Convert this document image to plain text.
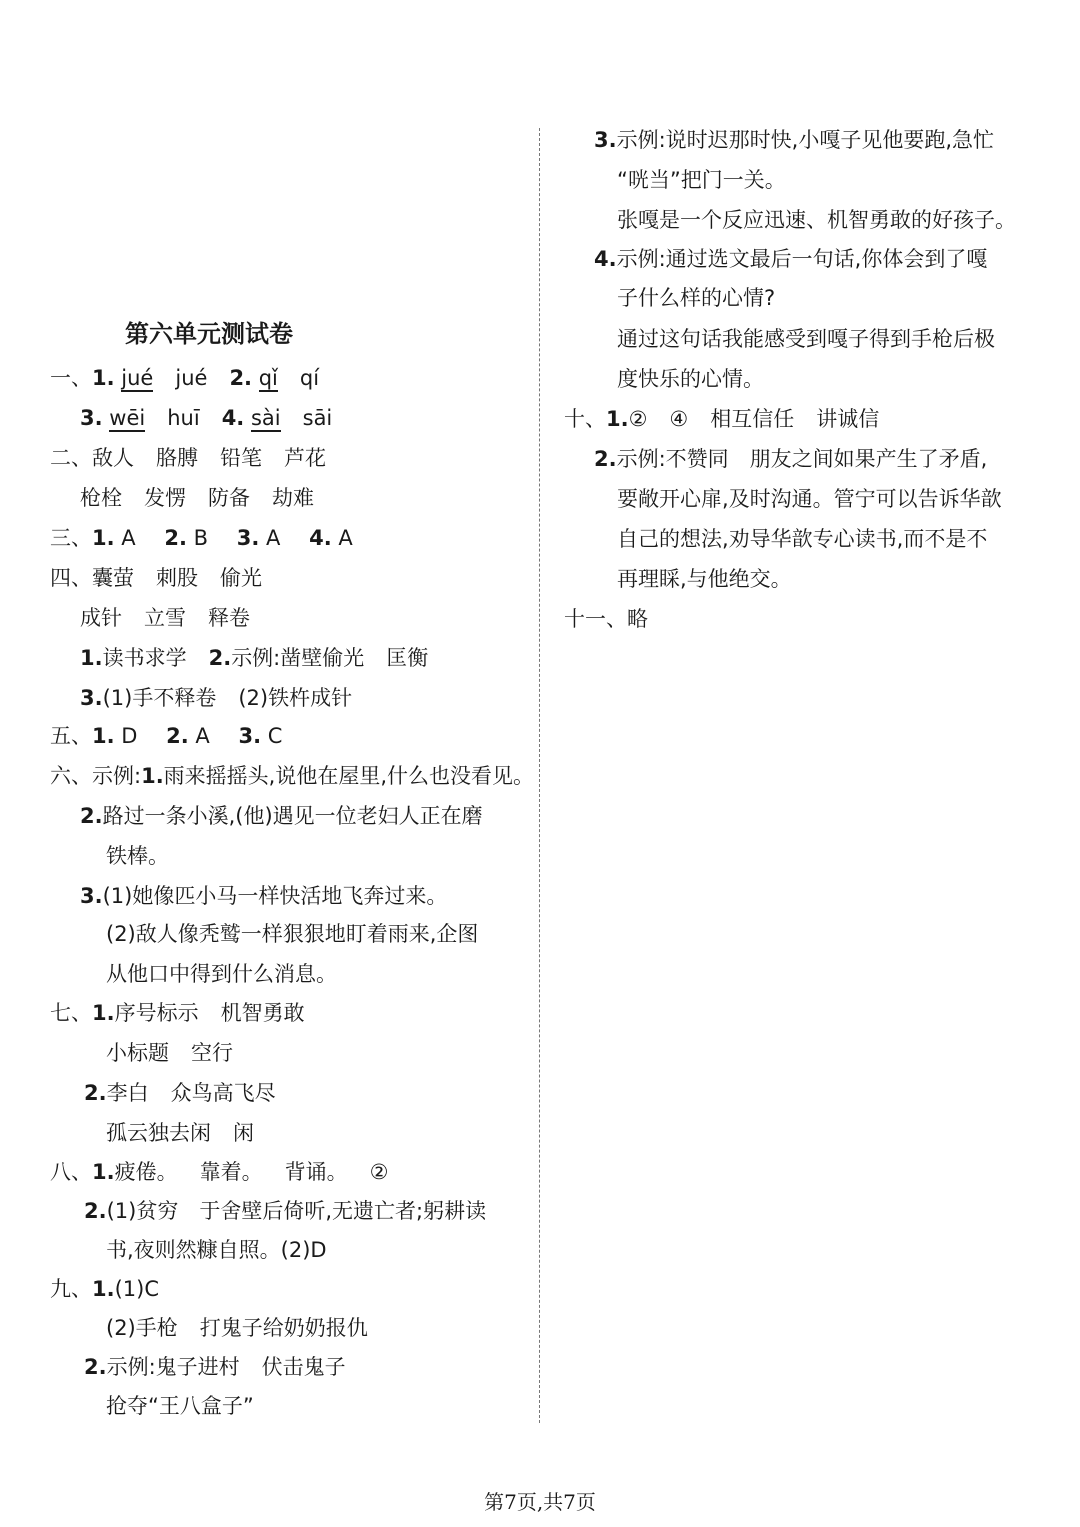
第六单元测试卷
一、1. jué jué 2. qǐ qí
3. wēi huī 4. sài sāi
二、敌人 胳膊 铅笔 芦花
枪栓 发愣 防备 劫难
三、1. A 2. B 3. A 4. A
四、囊萤 刺股 偷光
成针 立雪 释卷
1.读书求学 2.示例:凿壁偷光 匡衡
3.(1)手不释卷 (2)铁杵成针
五、1. D 2. A 3. C
六、示例:1.雨来摇摇头,说他在屋里,什么也没看见。
2.路过一条小溪,(他)遇见一位老妇人正在磨
铁棒。
3.(1)她像匹小马一样快活地飞奔过来。
(2)敌人像秃鹫一样狠狠地盯着雨来,企图
从他口中得到什么消息。
七、1.序号标示 机智勇敢
小标题 空行
2.李白 众鸟高飞尽
孤云独去闲 闲
八、1.疲倦。 靠着。 背诵。 ②
2.(1)贫穷　于舍壁后倚听,无遗亡者;躬耕读
书,夜则然糠自照。(2)D
九、1.(1)C
(2)手枪 打鬼子给奶奶报仇
2.示例:鬼子进村 伏击鬼子
抢夺“王八盒子”
3.示例:说时迟那时快,小嘎子见他要跑,急忙
“咣当”把门一关。
张嘎是一个反应迅速、机智勇敢的好孩子。
4.示例:通过选文最后一句话,你体会到了嘎
子什么样的心情?
通过这句话我能感受到嘎子得到手枪后极
度快乐的心情。
十、1.② ④ 相互信任 讲诚信
2.示例:不赞同　朋友之间如果产生了矛盾,
要敞开心扉,及时沟通。管宁可以告诉华歆
自己的想法,劝导华歆专心读书,而不是不
再理睬,与他绝交。
十一、略
第7页,共7页
